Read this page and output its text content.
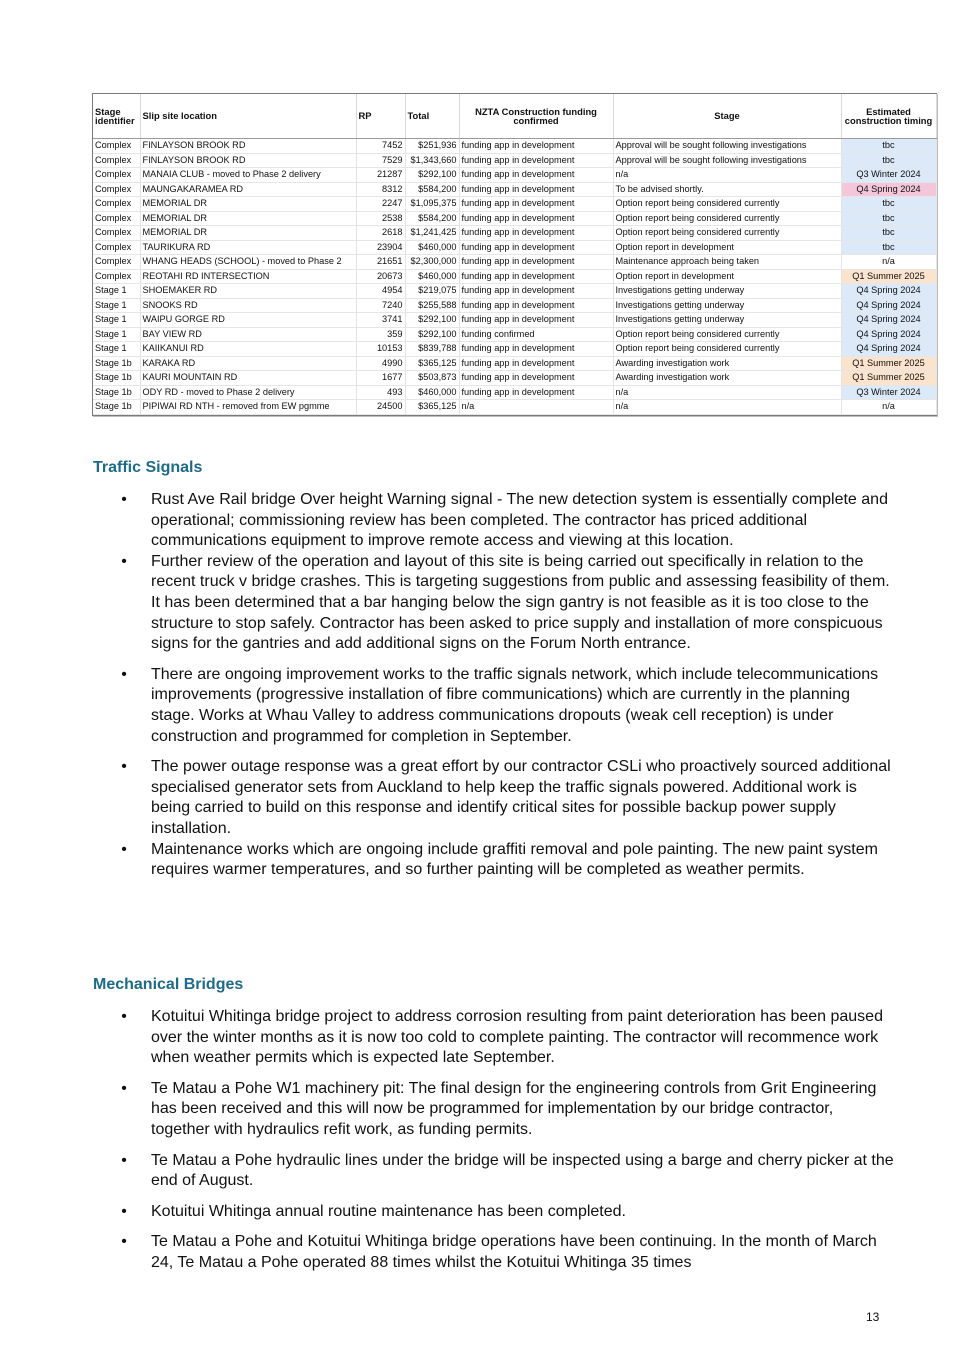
Stage identifier	Slip site location	RP	Total	NZTA Construction funding confirmed	Stage	Estimated construction timing
Complex	FINLAYSON BROOK RD	7452	$251,936	funding app in development	Approval will be sought following investigations	tbc
Complex	FINLAYSON BROOK RD	7529	$1,343,660	funding app in development	Approval will be sought following investigations	tbc
Complex	MANAIA CLUB - moved to Phase 2 delivery	21287	$292,100	funding app in development	n/a	Q3 Winter 2024
Complex	MAUNGAKARAMEA RD	8312	$584,200	funding app in development	To be advised shortly.	Q4 Spring 2024
Complex	MEMORIAL DR	2247	$1,095,375	funding app in development	Option report being considered currently	tbc
Complex	MEMORIAL DR	2538	$584,200	funding app in development	Option report being considered currently	tbc
Complex	MEMORIAL DR	2618	$1,241,425	funding app in development	Option report being considered currently	tbc
Complex	TAURIKURA RD	23904	$460,000	funding app in development	Option report in development	tbc
Complex	WHANG HEADS (SCHOOL) - moved to Phase 2	21651	$2,300,000	funding app in development	Maintenance approach being taken	n/a
Complex	REOTAHI RD INTERSECTION	20673	$460,000	funding app in development	Option report in development	Q1 Summer 2025
Stage 1	SHOEMAKER RD	4954	$219,075	funding app in development	Investigations getting underway	Q4 Spring 2024
Stage 1	SNOOKS RD	7240	$255,588	funding app in development	Investigations getting underway	Q4 Spring 2024
Stage 1	WAIPU GORGE RD	3741	$292,100	funding app in development	Investigations getting underway	Q4 Spring 2024
Stage 1	BAY VIEW RD	359	$292,100	funding confirmed	Option report being considered currently	Q4 Spring 2024
Stage 1	KAIIKANUI RD	10153	$839,788	funding app in development	Option report being considered currently	Q4 Spring 2024
Stage 1b	KARAKA RD	4990	$365,125	funding app in development	Awarding investigation work	Q1 Summer 2025
Stage 1b	KAURI MOUNTAIN RD	1677	$503,873	funding app in development	Awarding investigation work	Q1 Summer 2025
Stage 1b	ODY RD - moved to Phase 2 delivery	493	$460,000	funding app in development	n/a	Q3 Winter 2024
Stage 1b	PIPIWAI RD NTH - removed from EW pgmme	24500	$365,125	n/a	n/a	n/a
Traffic Signals
• Rust Ave Rail bridge Over height Warning signal - The new detection system is essentially complete and operational; commissioning review has been completed. The contractor has priced additional communications equipment to improve remote access and viewing at this location.
• Further review of the operation and layout of this site is being carried out specifically in relation to the recent truck v bridge crashes. This is targeting suggestions from public and assessing feasibility of them. It has been determined that a bar hanging below the sign gantry is not feasible as it is too close to the structure to stop safely. Contractor has been asked to price supply and installation of more conspicuous signs for the gantries and add additional signs on the Forum North entrance.
• There are ongoing improvement works to the traffic signals network, which include telecommunications improvements (progressive installation of fibre communications) which are currently in the planning stage. Works at Whau Valley to address communications dropouts (weak cell reception) is under construction and programmed for completion in September.
• The power outage response was a great effort by our contractor CSLi who proactively sourced additional specialised generator sets from Auckland to help keep the traffic signals powered. Additional work is being carried to build on this response and identify critical sites for possible backup power supply installation.
• Maintenance works which are ongoing include graffiti removal and pole painting. The new paint system requires warmer temperatures, and so further painting will be completed as weather permits.
Mechanical Bridges
• Kotuitui Whitinga bridge project to address corrosion resulting from paint deterioration has been paused over the winter months as it is now too cold to complete painting. The contractor will recommence work when weather permits which is expected late September.
• Te Matau a Pohe W1 machinery pit: The final design for the engineering controls from Grit Engineering has been received and this will now be programmed for implementation by our bridge contractor, together with hydraulics refit work, as funding permits.
• Te Matau a Pohe hydraulic lines under the bridge will be inspected using a barge and cherry picker at the end of August.
• Kotuitui Whitinga annual routine maintenance has been completed.
• Te Matau a Pohe and Kotuitui Whitinga bridge operations have been continuing. In the month of March 24, Te Matau a Pohe operated 88 times whilst the Kotuitui Whitinga 35 times
13
